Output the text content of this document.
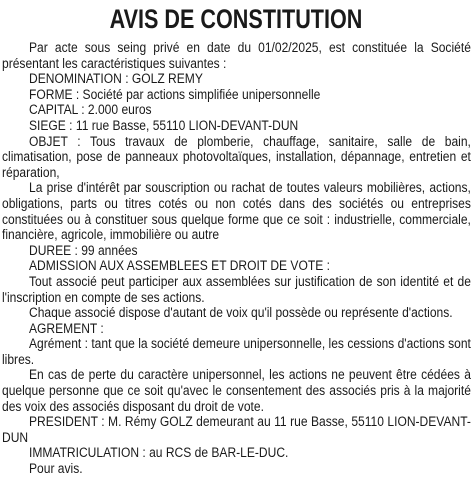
AVIS DE CONSTITUTION

Par acte sous seing privé en date du 01/02/2025, est constituée la Société présentant les caractéristiques suivantes :

DENOMINATION : GOLZ REMY

FORME : Société par actions simplifiée unipersonnelle

CAPITAL : 2.000 euros

SIEGE : 11 rue Basse, 55110 LION-DEVANT-DUN

OBJET : Tous travaux de plomberie, chauffage, sanitaire, salle de bain, climatisation, pose de panneaux photovoltaïques, installation, dépannage, entretien et réparation,

La prise d'intérêt par souscription ou rachat de toutes valeurs mobilières, actions, obligations, parts ou titres cotés ou non cotés dans des sociétés ou entreprises constituées ou à constituer sous quelque forme que ce soit : industrielle, commerciale, financière, agricole, immobilière ou autre

DUREE : 99 années

ADMISSION AUX ASSEMBLEES ET DROIT DE VOTE :

Tout associé peut participer aux assemblées sur justification de son identité et de l'inscription en compte de ses actions.

Chaque associé dispose d'autant de voix qu'il possède ou représente d'actions.

AGREMENT :

Agrément : tant que la société demeure unipersonnelle, les cessions d'actions sont libres.

En cas de perte du caractère unipersonnel, les actions ne peuvent être cédées à quelque personne que ce soit qu'avec le consentement des associés pris à la majorité des voix des associés disposant du droit de vote.

PRESIDENT : M. Rémy GOLZ demeurant au 11 rue Basse, 55110 LION-DEVANT-DUN

IMMATRICULATION : au RCS de BAR-LE-DUC.

Pour avis.
